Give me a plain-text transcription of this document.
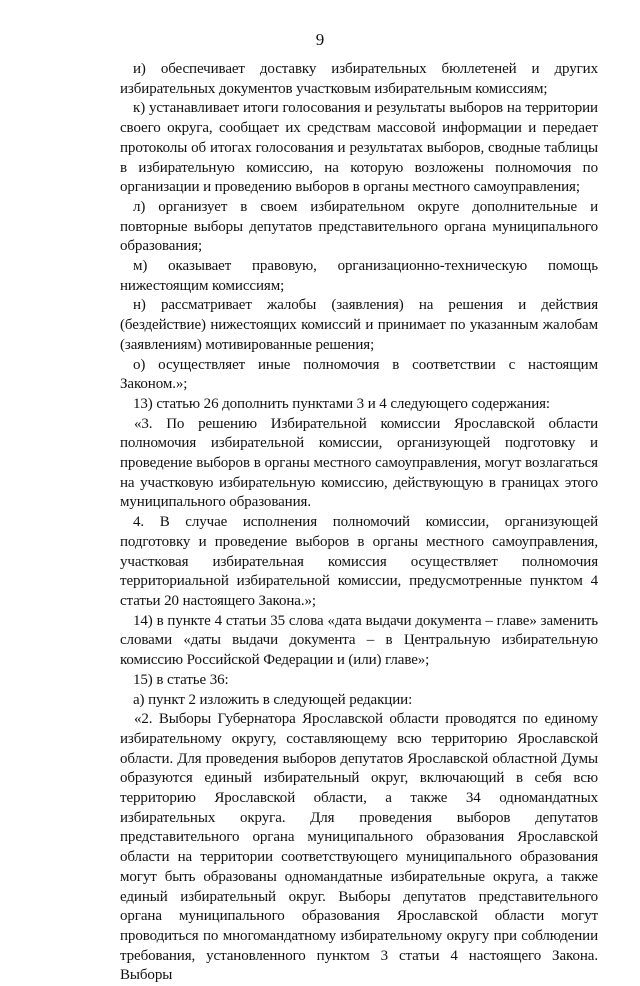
9

и) обеспечивает доставку избирательных бюллетеней и других избирательных документов участковым избирательным комиссиям;

к) устанавливает итоги голосования и результаты выборов на территории своего округа, сообщает их средствам массовой информации и передает протоколы об итогах голосования и результатах выборов, сводные таблицы в избирательную комиссию, на которую возложены полномочия по организации и проведению выборов в органы местного самоуправления;

л) организует в своем избирательном округе дополнительные и повторные выборы депутатов представительного органа муниципального образования;

м) оказывает правовую, организационно-техническую помощь нижестоящим комиссиям;

н) рассматривает жалобы (заявления) на решения и действия (бездействие) нижестоящих комиссий и принимает по указанным жалобам (заявлениям) мотивированные решения;

о) осуществляет иные полномочия в соответствии с настоящим Законом.»;

13) статью 26 дополнить пунктами 3 и 4 следующего содержания:

«3. По решению Избирательной комиссии Ярославской области полномочия избирательной комиссии, организующей подготовку и проведение выборов в органы местного самоуправления, могут возлагаться на участковую избирательную комиссию, действующую в границах этого муниципального образования.

4. В случае исполнения полномочий комиссии, организующей подготовку и проведение выборов в органы местного самоуправления, участковая избирательная комиссия осуществляет полномочия территориальной избирательной комиссии, предусмотренные пунктом 4 статьи 20 настоящего Закона.»;

14) в пункте 4 статьи 35 слова «дата выдачи документа – главе» заменить словами «даты выдачи документа – в Центральную избирательную комиссию Российской Федерации и (или) главе»;

15) в статье 36:

а) пункт 2 изложить в следующей редакции:

«2. Выборы Губернатора Ярославской области проводятся по единому избирательному округу, составляющему всю территорию Ярославской области. Для проведения выборов депутатов Ярославской областной Думы образуются единый избирательный округ, включающий в себя всю территорию Ярославской области, а также 34 одномандатных избирательных округа. Для проведения выборов депутатов представительного органа муниципального образования Ярославской области на территории соответствующего муниципального образования могут быть образованы одномандатные избирательные округа, а также единый избирательный округ. Выборы депутатов представительного органа муниципального образования Ярославской области могут проводиться по многомандатному избирательному округу при соблюдении требования, установленного пунктом 3 статьи 4 настоящего Закона. Выборы
